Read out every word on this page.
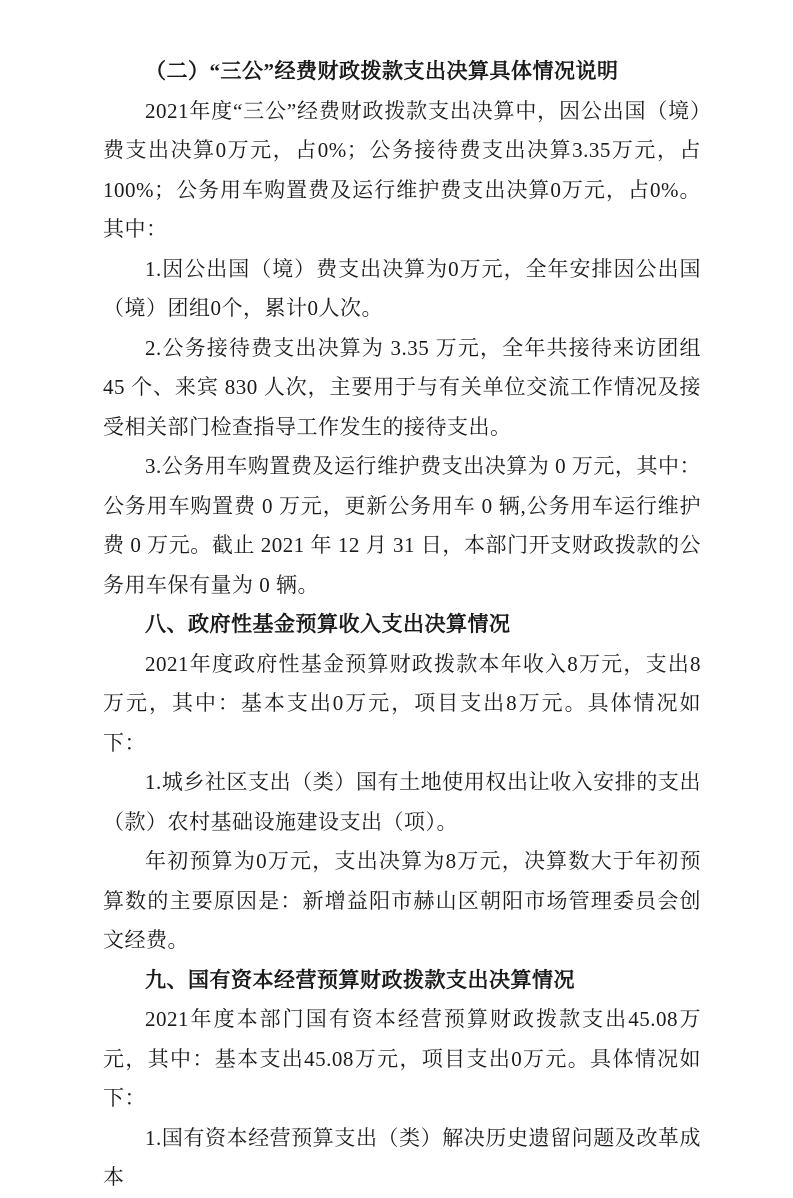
（二）“三公”经费财政拨款支出决算具体情况说明

2021年度“三公”经费财政拨款支出决算中，因公出国（境）费支出决算0万元，占0%；公务接待费支出决算3.35万元，占100%；公务用车购置费及运行维护费支出决算0万元，占0%。其中：

1.因公出国（境）费支出决算为0万元，全年安排因公出国（境）团组0个，累计0人次。

2.公务接待费支出决算为 3.35 万元，全年共接待来访团组 45 个、来宾 830 人次，主要用于与有关单位交流工作情况及接受相关部门检查指导工作发生的接待支出。

3.公务用车购置费及运行维护费支出决算为 0 万元，其中：公务用车购置费 0 万元，更新公务用车 0 辆,公务用车运行维护费 0 万元。截止 2021 年 12 月 31 日，本部门开支财政拨款的公务用车保有量为 0 辆。

八、政府性基金预算收入支出决算情况

2021年度政府性基金预算财政拨款本年收入8万元，支出8万元，其中：基本支出0万元，项目支出8万元。具体情况如下：

1.城乡社区支出（类）国有土地使用权出让收入安排的支出（款）农村基础设施建设支出（项）。

年初预算为0万元，支出决算为8万元，决算数大于年初预算数的主要原因是：新增益阳市赫山区朝阳市场管理委员会创文经费。

九、国有资本经营预算财政拨款支出决算情况

2021年度本部门国有资本经营预算财政拨款支出45.08万元，其中：基本支出45.08万元，项目支出0万元。具体情况如下：

1.国有资本经营预算支出（类）解决历史遗留问题及改革成本
